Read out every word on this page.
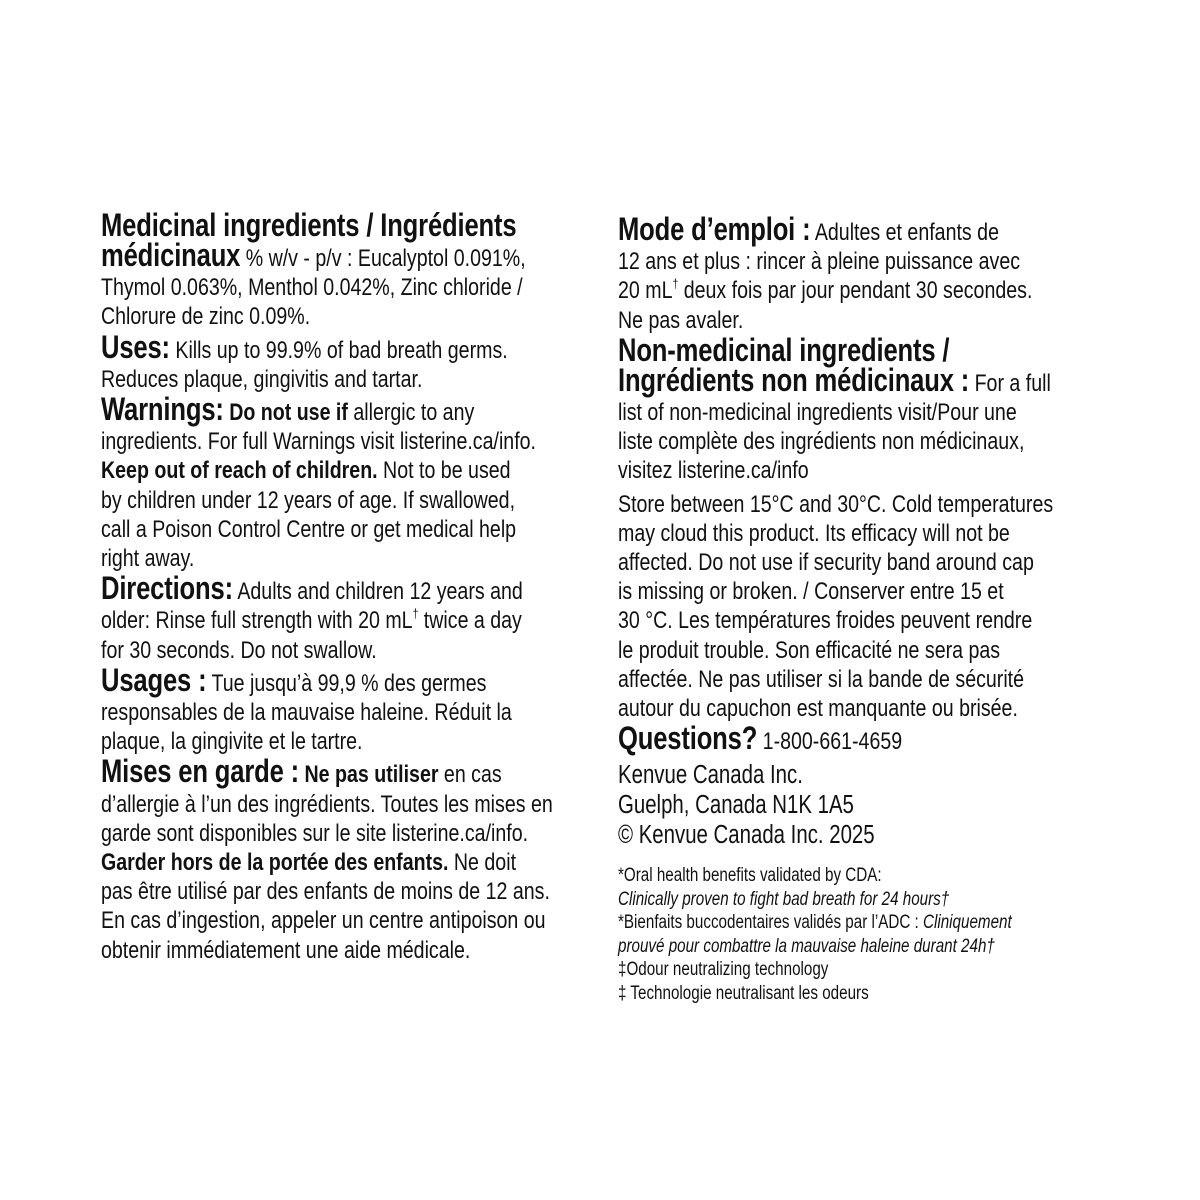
Medicinal ingredients / Ingrédients
médicinaux % w/v - p/v : Eucalyptol 0.091%,
Thymol 0.063%, Menthol 0.042%, Zinc chloride /
Chlorure de zinc 0.09%.
Uses: Kills up to 99.9% of bad breath germs.
Reduces plaque, gingivitis and tartar.
Warnings: Do not use if allergic to any
ingredients. For full Warnings visit listerine.ca/info.
Keep out of reach of children. Not to be used
by children under 12 years of age. If swallowed,
call a Poison Control Centre or get medical help
right away.
Directions: Adults and children 12 years and
older: Rinse full strength with 20 mL† twice a day
for 30 seconds. Do not swallow.
Usages : Tue jusqu’à 99,9 % des germes
responsables de la mauvaise haleine. Réduit la
plaque, la gingivite et le tartre.
Mises en garde : Ne pas utiliser en cas
d’allergie à l’un des ingrédients. Toutes les mises en
garde sont disponibles sur le site listerine.ca/info.
Garder hors de la portée des enfants. Ne doit
pas être utilisé par des enfants de moins de 12 ans.
En cas d’ingestion, appeler un centre antipoison ou
obtenir immédiatement une aide médicale.
Mode d’emploi : Adultes et enfants de
12 ans et plus : rincer à pleine puissance avec
20 mL† deux fois par jour pendant 30 secondes.
Ne pas avaler.
Non-medicinal ingredients /
Ingrédients non médicinaux : For a full
list of non-medicinal ingredients visit/Pour une
liste complète des ingrédients non médicinaux,
visitez listerine.ca/info
Store between 15°C and 30°C. Cold temperatures
may cloud this product. Its efficacy will not be
affected. Do not use if security band around cap
is missing or broken. / Conserver entre 15 et
30 °C. Les températures froides peuvent rendre
le produit trouble. Son efficacité ne sera pas
affectée. Ne pas utiliser si la bande de sécurité
autour du capuchon est manquante ou brisée.
Questions? 1-800-661-4659
Kenvue Canada Inc.
Guelph, Canada N1K 1A5
© Kenvue Canada Inc. 2025
*Oral health benefits validated by CDA:
Clinically proven to fight bad breath for 24 hours†
*Bienfaits buccodentaires validés par l’ADC : Cliniquement
prouvé pour combattre la mauvaise haleine durant 24h†
‡Odour neutralizing technology
‡ Technologie neutralisant les odeurs
